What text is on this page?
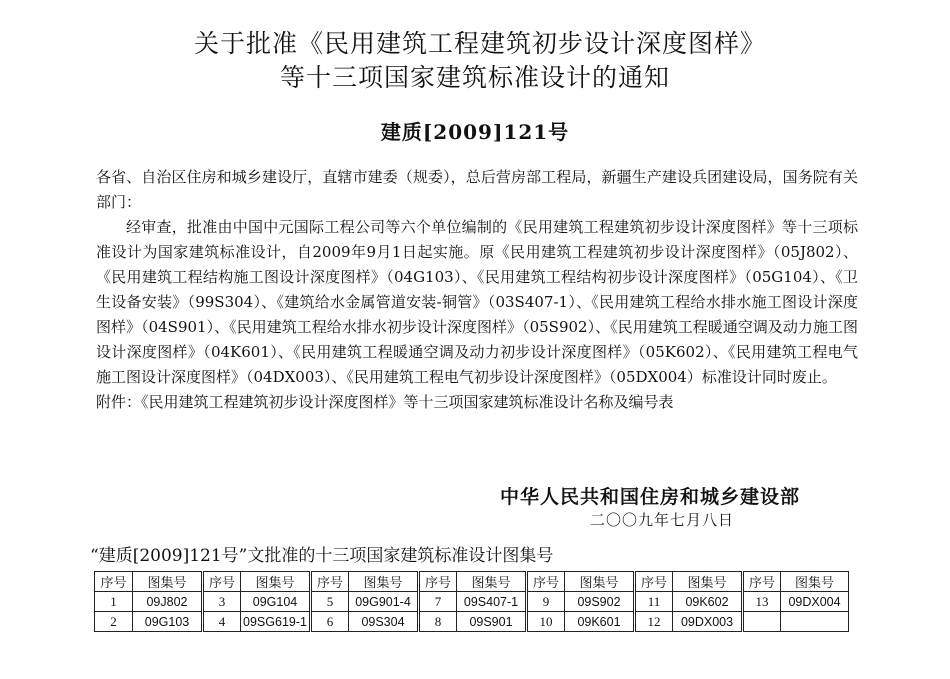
关于批准《民用建筑工程建筑初步设计深度图样》
等十三项国家建筑标准设计的通知
建质[2009]121号

各省、自治区住房和城乡建设厅，直辖市建委（规委），总后营房部工程局，新疆生产建设兵团建设局，国务院有关部门：

经审查，批准由中国中元国际工程公司等六个单位编制的《民用建筑工程建筑初步设计深度图样》等十三项标准设计为国家建筑标准设计，自2009年9月1日起实施。原《民用建筑工程建筑初步设计深度图样》（05J802）、《民用建筑工程结构施工图设计深度图样》（04G103）、《民用建筑工程结构初步设计深度图样》（05G104）、《卫生设备安装》（99S304）、《建筑给水金属管道安装-铜管》（03S407-1）、《民用建筑工程给水排水施工图设计深度图样》（04S901）、《民用建筑工程给水排水初步设计深度图样》（05S902）、《民用建筑工程暖通空调及动力施工图设计深度图样》（04K601）、《民用建筑工程暖通空调及动力初步设计深度图样》（05K602）、《民用建筑工程电气施工图设计深度图样》（04DX003）、《民用建筑工程电气初步设计深度图样》（05DX004）标准设计同时废止。

附件：《民用建筑工程建筑初步设计深度图样》等十三项国家建筑标准设计名称及编号表

中华人民共和国住房和城乡建设部
二〇〇九年七月八日
“建质[2009]121号”文批准的十三项国家建筑标准设计图集号
序号	图集号	序号	图集号	序号	图集号	序号	图集号	序号	图集号	序号	图集号	序号	图集号
1	09J802	3	09G104	5	09G901-4	7	09S407-1	9	09S902	11	09K602	13	09DX004
2	09G103	4	09SG619-1	6	09S304	8	09S901	10	09K601	12	09DX003		
